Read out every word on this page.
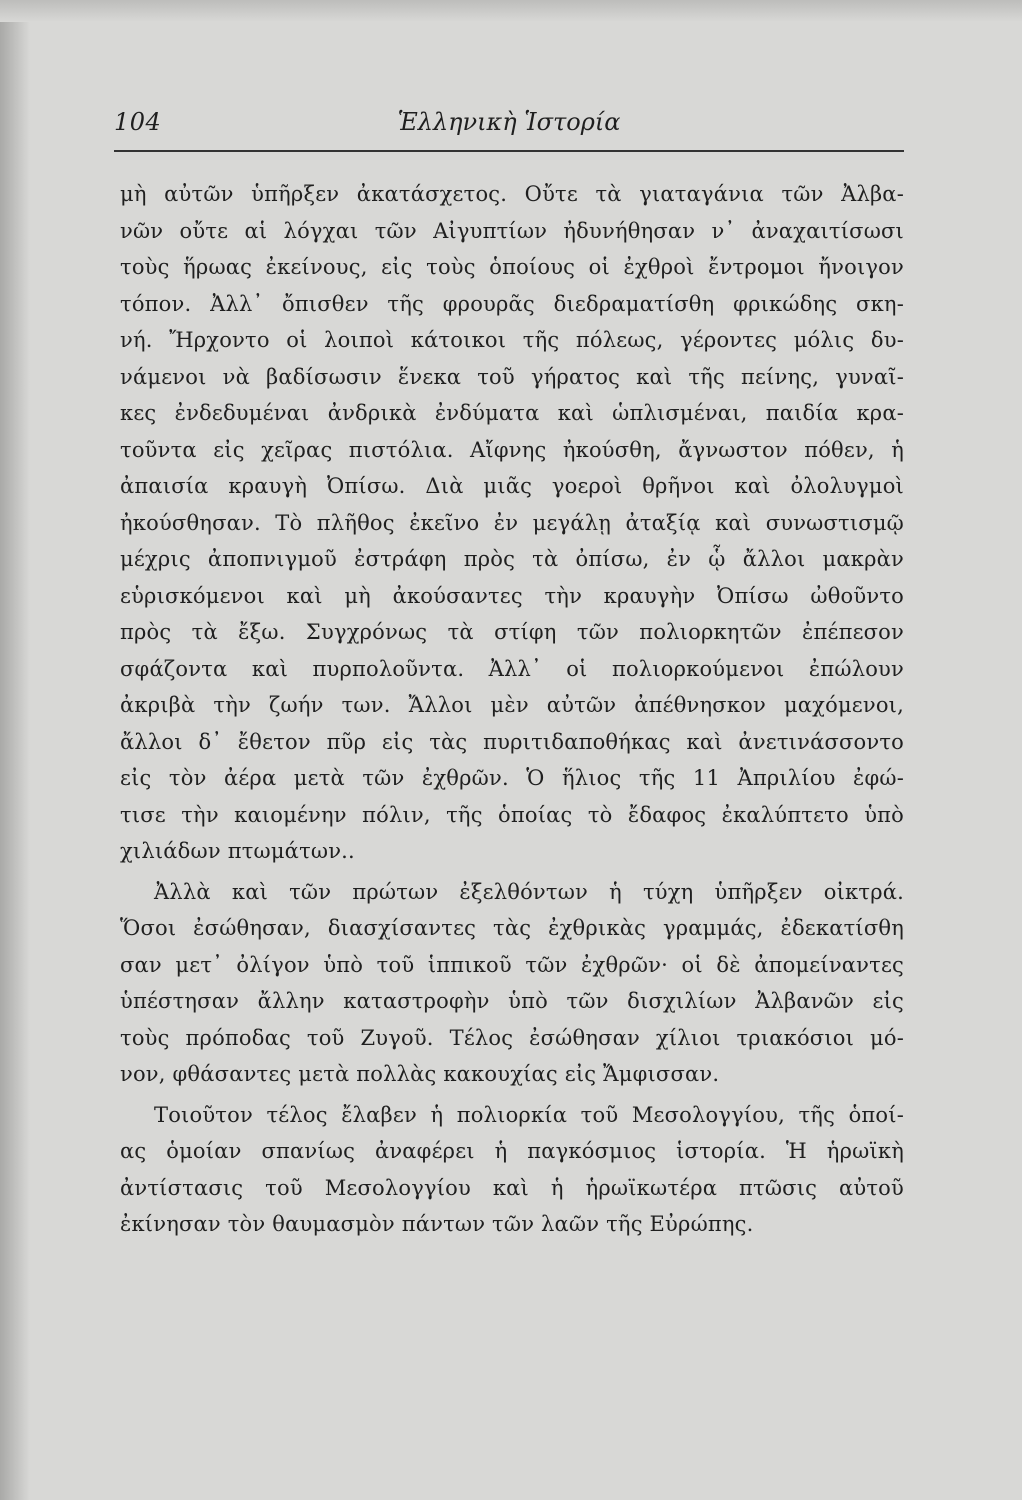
104	Ἑλληνικὴ Ἱστορία
μὴ αὐτῶν ὑπῆρξεν ἀκατάσχετος. Οὔτε τὰ γιαταγάνια τῶν Ἀλβα-
νῶν οὔτε αἱ λόγχαι τῶν Αἰγυπτίων ἠδυνήθησαν ν᾿ ἀναχαιτίσωσι
τοὺς ἥρωας ἐκείνους, εἰς τοὺς ὁποίους οἱ ἐχθροὶ ἔντρομοι ἤνοιγον
τόπον. Ἀλλ᾿ ὄπισθεν τῆς φρουρᾶς διεδραματίσθη φρικώδης σκη-
νή. Ἤρχοντο οἱ λοιποὶ κάτοικοι τῆς πόλεως, γέροντες μόλις δυ-
νάμενοι νὰ βαδίσωσιν ἕνεκα τοῦ γήρατος καὶ τῆς πείνης, γυναῖ-
κες ἐνδεδυμέναι ἀνδρικὰ ἐνδύματα καὶ ὡπλισμέναι, παιδία κρα-
τοῦντα εἰς χεῖρας πιστόλια. Αἴφνης ἠκούσθη, ἄγνωστον πόθεν, ἡ
ἀπαισία κραυγὴ Ὀπίσω. Διὰ μιᾶς γοεροὶ θρῆνοι καὶ ὀλολυγμοὶ
ἠκούσθησαν. Τὸ πλῆθος ἐκεῖνο ἐν μεγάλῃ ἀταξίᾳ καὶ συνωστισμῷ
μέχρις ἀποπνιγμοῦ ἐστράφη πρὸς τὰ ὀπίσω, ἐν ᾧ ἄλλοι μακρὰν
εὑρισκόμενοι καὶ μὴ ἀκούσαντες τὴν κραυγὴν Ὀπίσω ὠθοῦντο
πρὸς τὰ ἔξω. Συγχρόνως τὰ στίφη τῶν πολιορκητῶν ἐπέπεσον
σφάζοντα καὶ πυρπολοῦντα. Ἀλλ᾿ οἱ πολιορκούμενοι ἐπώλουν
ἀκριβὰ τὴν ζωήν των. Ἄλλοι μὲν αὐτῶν ἀπέθνησκον μαχόμενοι,
ἄλλοι δ᾿ ἔθετον πῦρ εἰς τὰς πυριτιδαποθήκας καὶ ἀνετινάσσοντο
εἰς τὸν ἀέρα μετὰ τῶν ἐχθρῶν. Ὁ ἥλιος τῆς 11 Ἀπριλίου ἐφώ-
τισε τὴν καιομένην πόλιν, τῆς ὁποίας τὸ ἔδαφος ἐκαλύπτετο ὑπὸ
χιλιάδων πτωμάτων..
Ἀλλὰ καὶ τῶν πρώτων ἐξελθόντων ἡ τύχη ὑπῆρξεν οἰκτρά.
Ὅσοι ἐσώθησαν, διασχίσαντες τὰς ἐχθρικὰς γραμμάς, ἐδεκατίσθη
σαν μετ᾿ ὀλίγον ὑπὸ τοῦ ἱππικοῦ τῶν ἐχθρῶν· οἱ δὲ ἀπομείναντες
ὑπέστησαν ἄλλην καταστροφὴν ὑπὸ τῶν δισχιλίων Ἀλβανῶν εἰς
τοὺς πρόποδας τοῦ Ζυγοῦ. Τέλος ἐσώθησαν χίλιοι τριακόσιοι μό-
νον, φθάσαντες μετὰ πολλὰς κακουχίας εἰς Ἄμφισσαν.
Τοιοῦτον τέλος ἔλαβεν ἡ πολιορκία τοῦ Μεσολογγίου, τῆς ὁποί-
ας ὁμοίαν σπανίως ἀναφέρει ἡ παγκόσμιος ἱστορία. Ἡ ἡρωϊκὴ
ἀντίστασις τοῦ Μεσολογγίου καὶ ἡ ἡρωϊκωτέρα πτῶσις αὐτοῦ
ἐκίνησαν τὸν θαυμασμὸν πάντων τῶν λαῶν τῆς Εὐρώπης.
